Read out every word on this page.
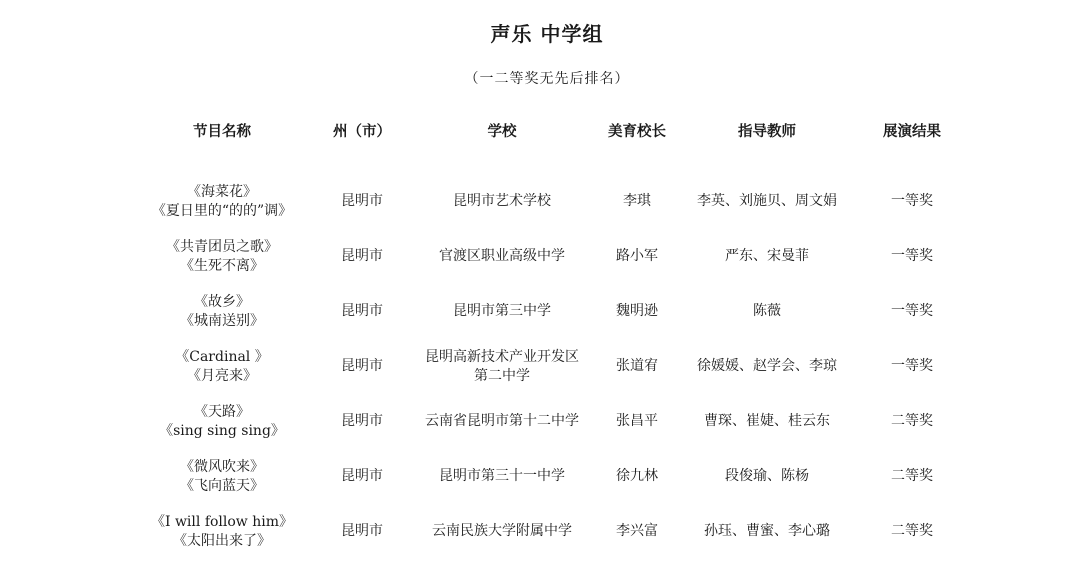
声乐 中学组
（一二等奖无先后排名）
节目名称	州（市）	学校	美育校长	指导教师	展演结果

《海菜花》
《夏日里的“的的”调》	昆明市	昆明市艺术学校	李琪	李英、刘施贝、周文娟	一等奖

《共青团员之歌》
《生死不离》	昆明市	官渡区职业高级中学	路小军	严东、宋曼菲	一等奖

《故乡》
《城南送别》	昆明市	昆明市第三中学	魏明逊	陈薇	一等奖

《Cardinal 》
《月亮来》	昆明市	昆明高新技术产业开发区第二中学	张道宥	徐媛媛、赵学会、李琼	一等奖

《天路》
《sing sing sing》	昆明市	云南省昆明市第十二中学	张昌平	曹琛、崔婕、桂云东	二等奖

《微风吹来》
《飞向蓝天》	昆明市	昆明市第三十一中学	徐九林	段俊瑜、陈杨	二等奖

《I will follow him》
《太阳出来了》	昆明市	云南民族大学附属中学	李兴富	孙珏、曹蜜、李心璐	二等奖
